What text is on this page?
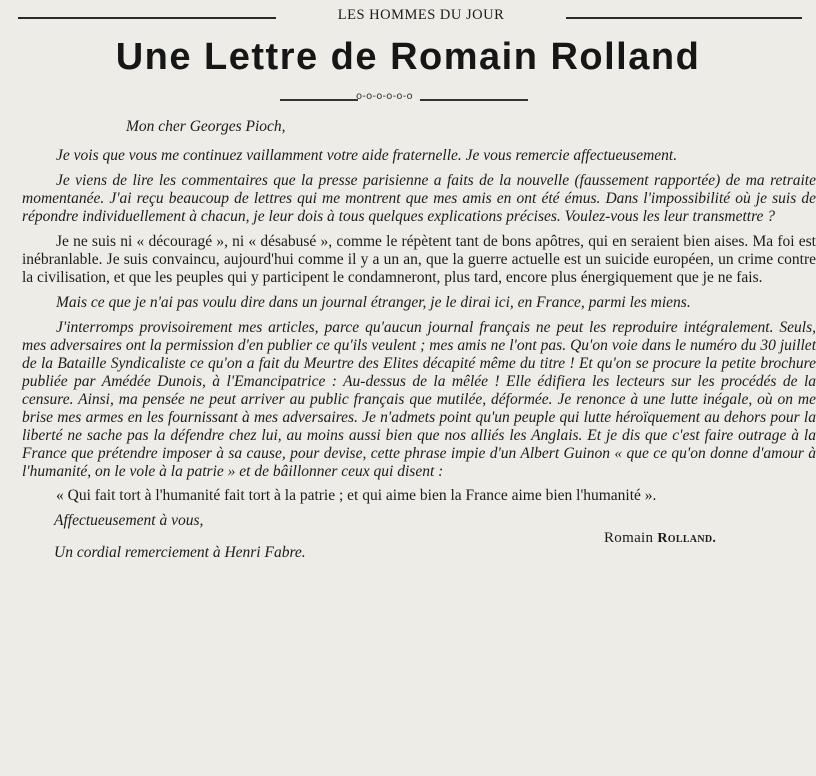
LES HOMMES DU JOUR
Une Lettre de Romain Rolland
o-o-o-o-o-o
Mon cher Georges Pioch,

Je vois que vous me continuez vaillamment votre aide fraternelle. Je vous remercie affectueusement.

Je viens de lire les commentaires que la presse parisienne a faits de la nouvelle (faussement rapportée) de ma retraite momentanée. J'ai reçu beaucoup de lettres qui me montrent que mes amis en ont été émus. Dans l'impossibilité où je suis de répondre individuellement à chacun, je leur dois à tous quelques explications précises. Voulez-vous les leur transmettre ?

Je ne suis ni « découragé », ni « désabusé », comme le répètent tant de bons apôtres, qui en seraient bien aises. Ma foi est inébranlable. Je suis convaincu, aujourd'hui comme il y a un an, que la guerre actuelle est un suicide européen, un crime contre la civilisation, et que les peuples qui y participent le condamneront, plus tard, encore plus énergiquement que je ne fais.

Mais ce que je n'ai pas voulu dire dans un journal étranger, je le dirai ici, en France, parmi les miens.

J'interromps provisoirement mes articles, parce qu'aucun journal français ne peut les reproduire intégralement. Seuls, mes adversaires ont la permission d'en publier ce qu'ils veulent ; mes amis ne l'ont pas. Qu'on voie dans le numéro du 30 juillet de la Bataille Syndicaliste ce qu'on a fait du Meurtre des Elites décapité même du titre ! Et qu'on se procure la petite brochure publiée par Amédée Dunois, à l'Emancipatrice : Au-dessus de la mêlée ! Elle édifiera les lecteurs sur les procédés de la censure. Ainsi, ma pensée ne peut arriver au public français que mutilée, déformée. Je renonce à une lutte inégale, où on me brise mes armes en les fournissant à mes adversaires. Je n'admets point qu'un peuple qui lutte héroïquement au dehors pour la liberté ne sache pas la défendre chez lui, au moins aussi bien que nos alliés les Anglais. Et je dis que c'est faire outrage à la France que prétendre imposer à sa cause, pour devise, cette phrase impie d'un Albert Guinon « que ce qu'on donne d'amour à l'humanité, on le vole à la patrie » et de bâillonner ceux qui disent :

« Qui fait tort à l'humanité fait tort à la patrie ; et qui aime bien la France aime bien l'humanité ».

Affectueusement à vous,
Un cordial remerciement à Henri Fabre.
Romain Rolland.
